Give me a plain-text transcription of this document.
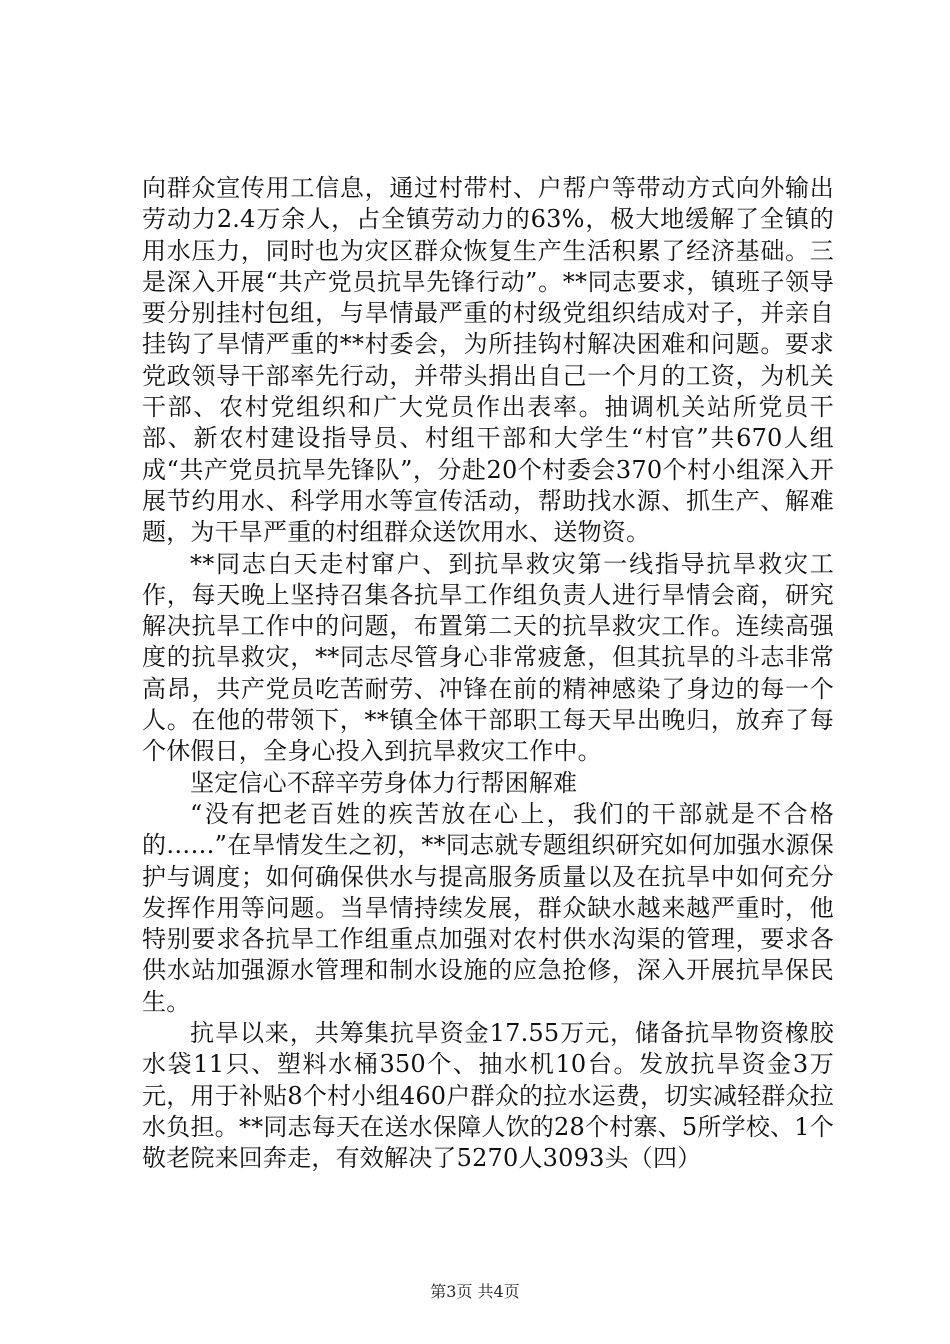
向群众宣传用工信息，通过村带村、户帮户等带动方式向外输出劳动力2.4万余人，占全镇劳动力的63%，极大地缓解了全镇的用水压力，同时也为灾区群众恢复生产生活积累了经济基础。三是深入开展“共产党员抗旱先锋行动”。**同志要求，镇班子领导要分别挂村包组，与旱情最严重的村级党组织结成对子，并亲自挂钩了旱情严重的**村委会，为所挂钩村解决困难和问题。要求党政领导干部率先行动，并带头捐出自己一个月的工资，为机关干部、农村党组织和广大党员作出表率。抽调机关站所党员干部、新农村建设指导员、村组干部和大学生“村官”共670人组成“共产党员抗旱先锋队”，分赴20个村委会370个村小组深入开展节约用水、科学用水等宣传活动，帮助找水源、抓生产、解难题，为干旱严重的村组群众送饮用水、送物资。

**同志白天走村窜户、到抗旱救灾第一线指导抗旱救灾工作，每天晚上坚持召集各抗旱工作组负责人进行旱情会商，研究解决抗旱工作中的问题，布置第二天的抗旱救灾工作。连续高强度的抗旱救灾，**同志尽管身心非常疲惫，但其抗旱的斗志非常高昂，共产党员吃苦耐劳、冲锋在前的精神感染了身边的每一个人。在他的带领下，**镇全体干部职工每天早出晚归，放弃了每个休假日，全身心投入到抗旱救灾工作中。

坚定信心不辞辛劳身体力行帮困解难

“没有把老百姓的疾苦放在心上，我们的干部就是不合格的……”在旱情发生之初，**同志就专题组织研究如何加强水源保护与调度；如何确保供水与提高服务质量以及在抗旱中如何充分发挥作用等问题。当旱情持续发展，群众缺水越来越严重时，他特别要求各抗旱工作组重点加强对农村供水沟渠的管理，要求各供水站加强源水管理和制水设施的应急抢修，深入开展抗旱保民生。

抗旱以来，共筹集抗旱资金17.55万元，储备抗旱物资橡胶水袋11只、塑料水桶350个、抽水机10台。发放抗旱资金3万元，用于补贴8个村小组460户群众的拉水运费，切实减轻群众拉水负担。**同志每天在送水保障人饮的28个村寨、5所学校、1个敬老院来回奔走，有效解决了5270人3093头（四）

第3页 共4页
